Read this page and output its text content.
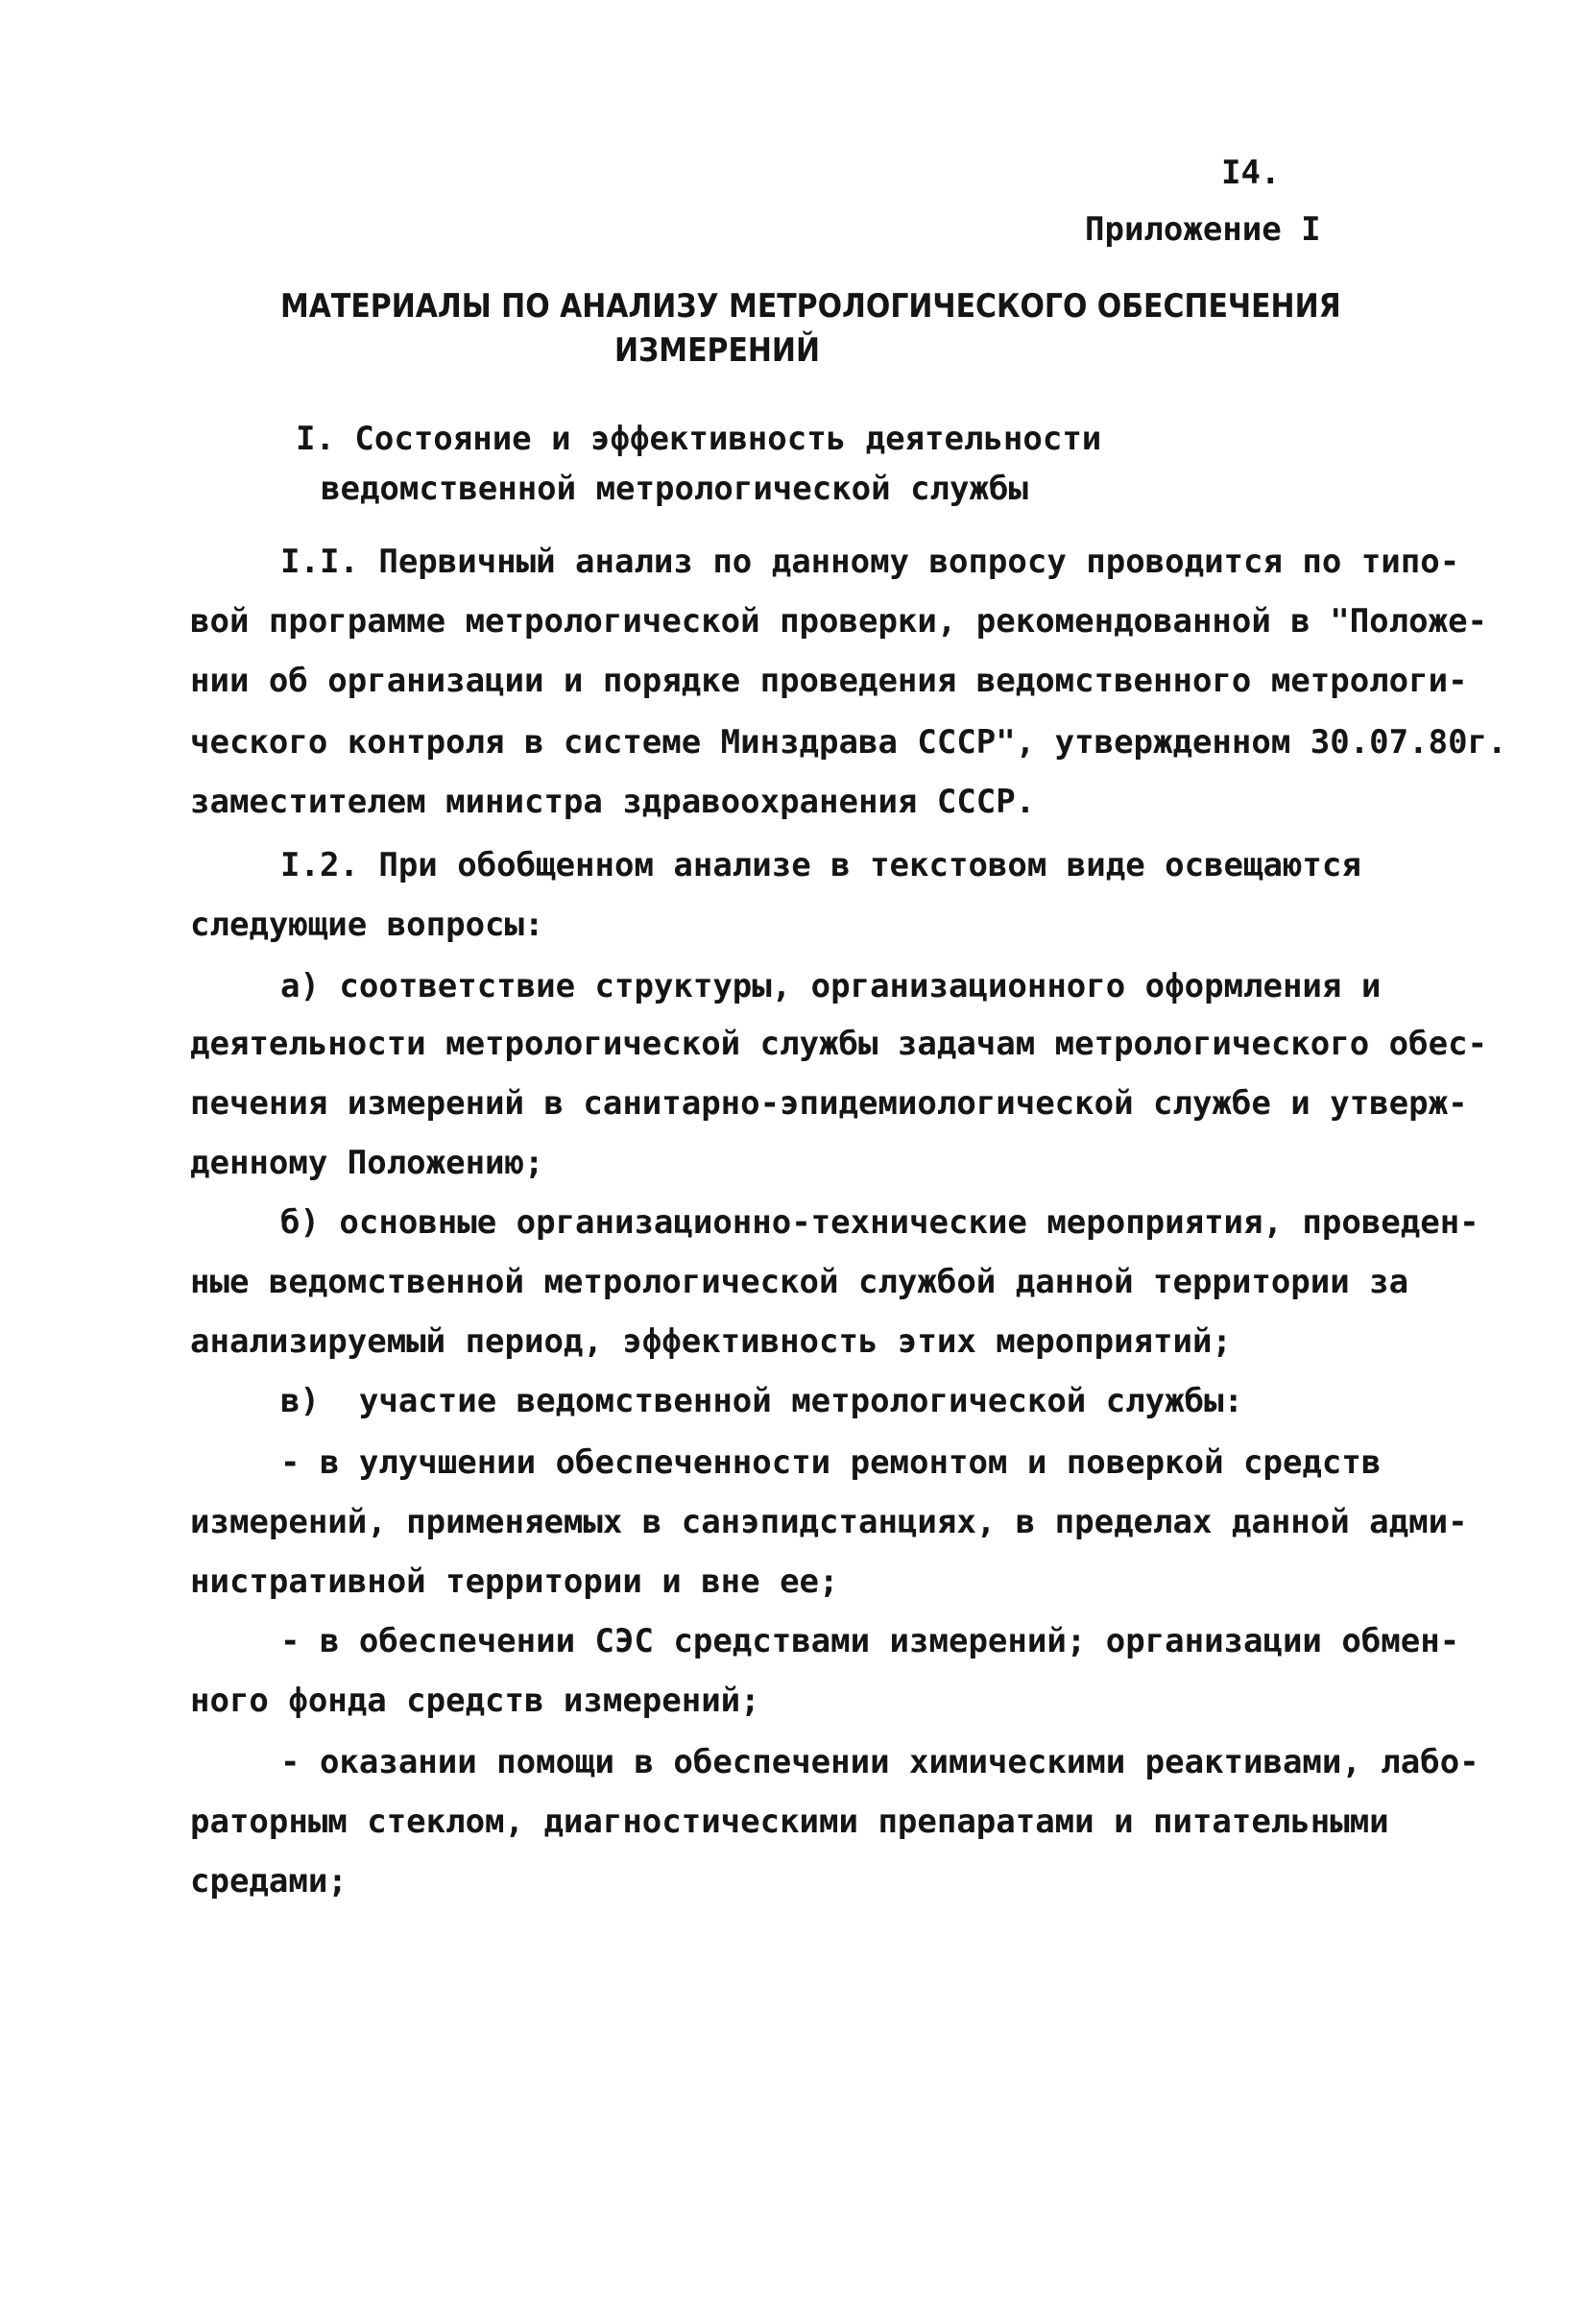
I4.
Приложение I
МАТЕРИАЛЫ ПО АНАЛИЗУ МЕТРОЛОГИЧЕСКОГО ОБЕСПЕЧЕНИЯ
ИЗМЕРЕНИЙ
I. Состояние и эффективность деятельности
ведомственной метрологической службы
I.I. Первичный анализ по данному вопросу проводится по типо-
вой программе метрологической проверки, рекомендованной в "Положе-
нии об организации и порядке проведения ведомственного метрологи-
ческого контроля в системе Минздрава СССР", утвержденном 30.07.80г.
заместителем министра здравоохранения СССР.
I.2. При обобщенном анализе в текстовом виде освещаются
следующие вопросы:
а) соответствие структуры, организационного оформления и
деятельности метрологической службы задачам метрологического обес-
печения измерений в санитарно-эпидемиологической службе и утверж-
денному Положению;
б) основные организационно-технические мероприятия, проведен-
ные ведомственной метрологической службой данной территории за
анализируемый период, эффективность этих мероприятий;
в)  участие ведомственной метрологической службы:
- в улучшении обеспеченности ремонтом и поверкой средств
измерений, применяемых в санэпидстанциях, в пределах данной адми-
нистративной территории и вне ее;
- в обеспечении СЭС средствами измерений; организации обмен-
ного фонда средств измерений;
- оказании помощи в обеспечении химическими реактивами, лабо-
раторным стеклом, диагностическими препаратами и питательными
средами;
